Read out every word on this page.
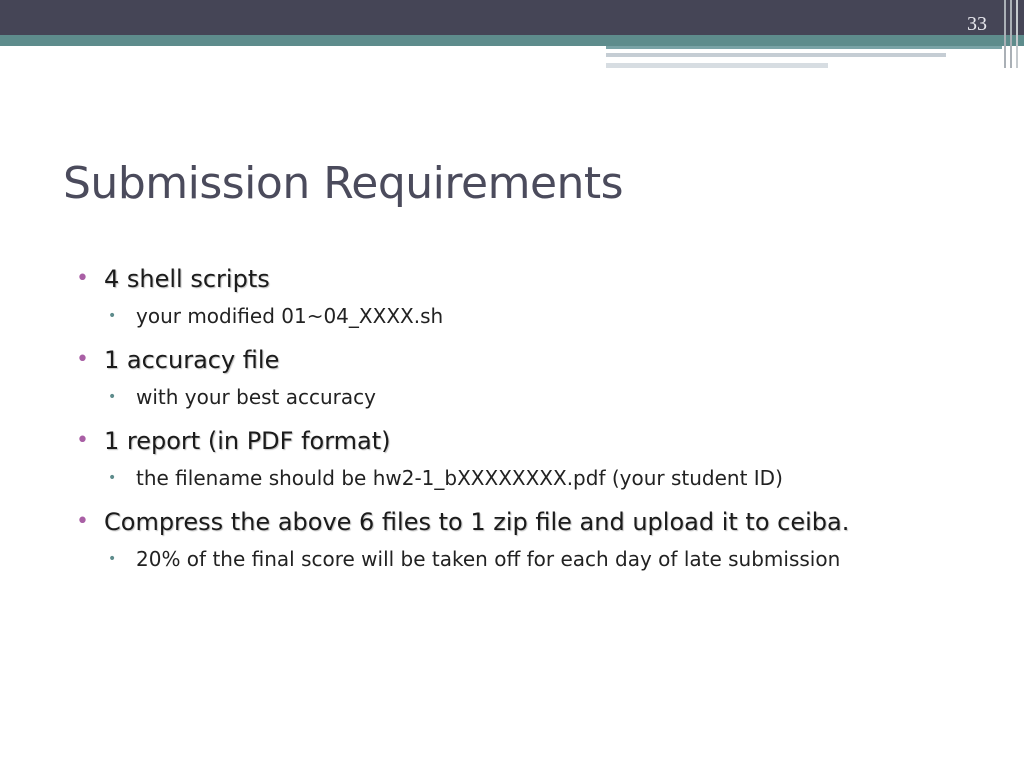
33
Submission Requirements
• 4 shell scripts
• your modified 01~04_XXXX.sh
• 1 accuracy file
• with your best accuracy
• 1 report (in PDF format)
• the filename should be hw2-1_bXXXXXXXX.pdf (your student ID)
• Compress the above 6 files to 1 zip file and upload it to ceiba.
• 20% of the final score will be taken off for each day of late submission
